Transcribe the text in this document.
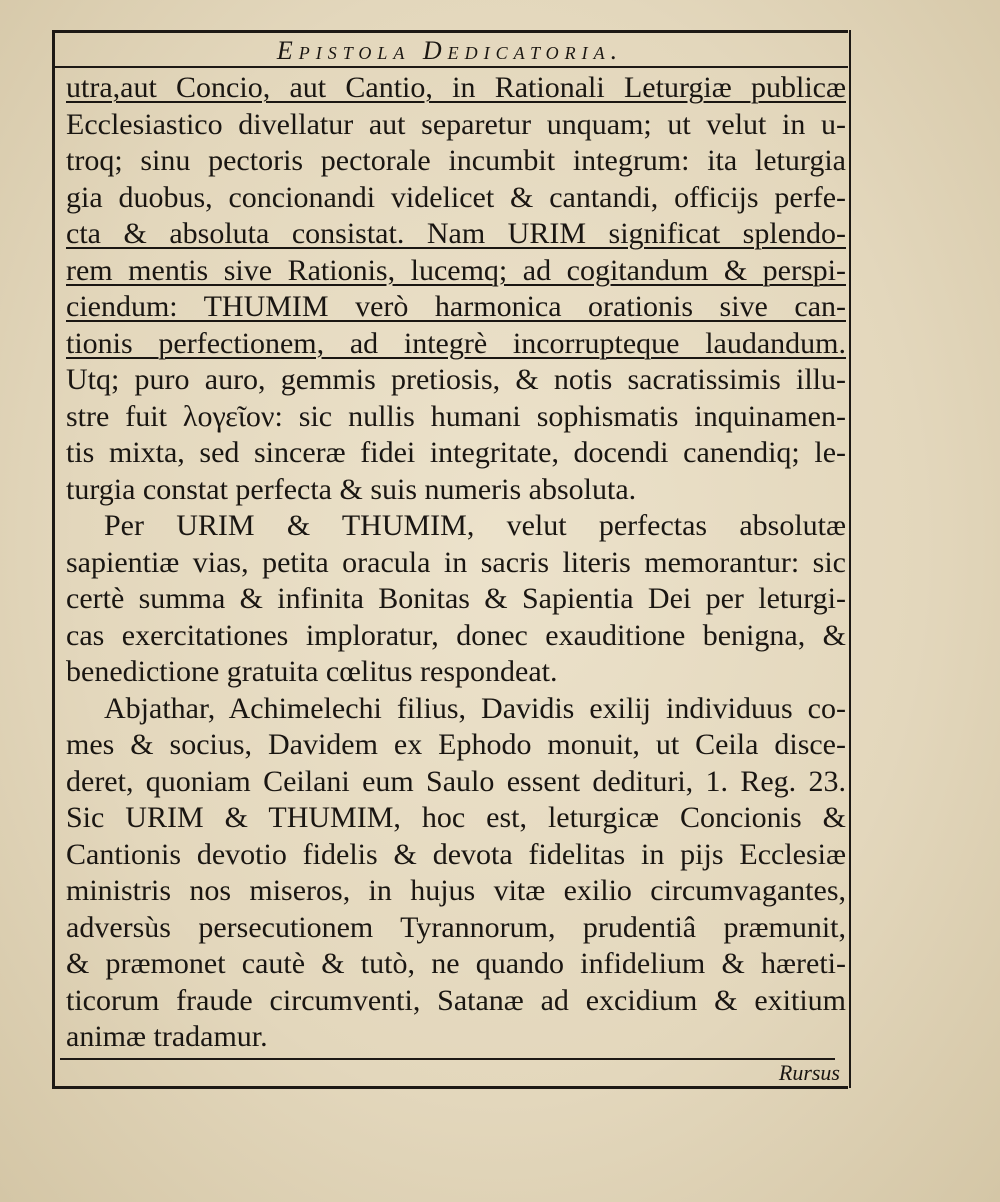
Epistola Dedicatoria.
utra,aut Concio, aut Cantio, in Rationali Leturgiæ publicæ
Ecclesiastico divellatur aut separetur unquam; ut velut in u-
troq; sinu pectoris pectorale incumbit integrum: ita leturgia
gia duobus, concionandi videlicet & cantandi, officijs perfe-
cta & absoluta consistat. Nam URIM significat splendo-
rem mentis sive Rationis, lucemq; ad cogitandum & perspi-
ciendum: THUMIM verò harmonica orationis sive can-
tionis perfectionem, ad integrè incorrupteque laudandum.
Utq; puro auro, gemmis pretiosis, & notis sacratissimis illu-
stre fuit λογεῖον: sic nullis humani sophismatis inquinamen-
tis mixta, sed sinceræ fidei integritate, docendi canendiq; le-
turgia constat perfecta & suis numeris absoluta.
Per URIM & THUMIM, velut perfectas absolutæ
sapientiæ vias, petita oracula in sacris literis memorantur: sic
certè summa & infinita Bonitas & Sapientia Dei per leturgi-
cas exercitationes imploratur, donec exauditione benigna, &
benedictione gratuita cœlitus respondeat.
Abjathar, Achimelechi filius, Davidis exilij individuus co-
mes & socius, Davidem ex Ephodo monuit, ut Ceila disce-
deret, quoniam Ceilani eum Saulo essent dedituri, 1. Reg. 23.
Sic URIM & THUMIM, hoc est, leturgicæ Concionis &
Cantionis devotio fidelis & devota fidelitas in pijs Ecclesiæ
ministris nos miseros, in hujus vitæ exilio circumvagantes,
adversùs persecutionem Tyrannorum, prudentiâ præmunit,
& præmonet cautè & tutò, ne quando infidelium & hæreti-
ticorum fraude circumventi, Satanæ ad excidium & exitium
animæ tradamur.
Rursus
